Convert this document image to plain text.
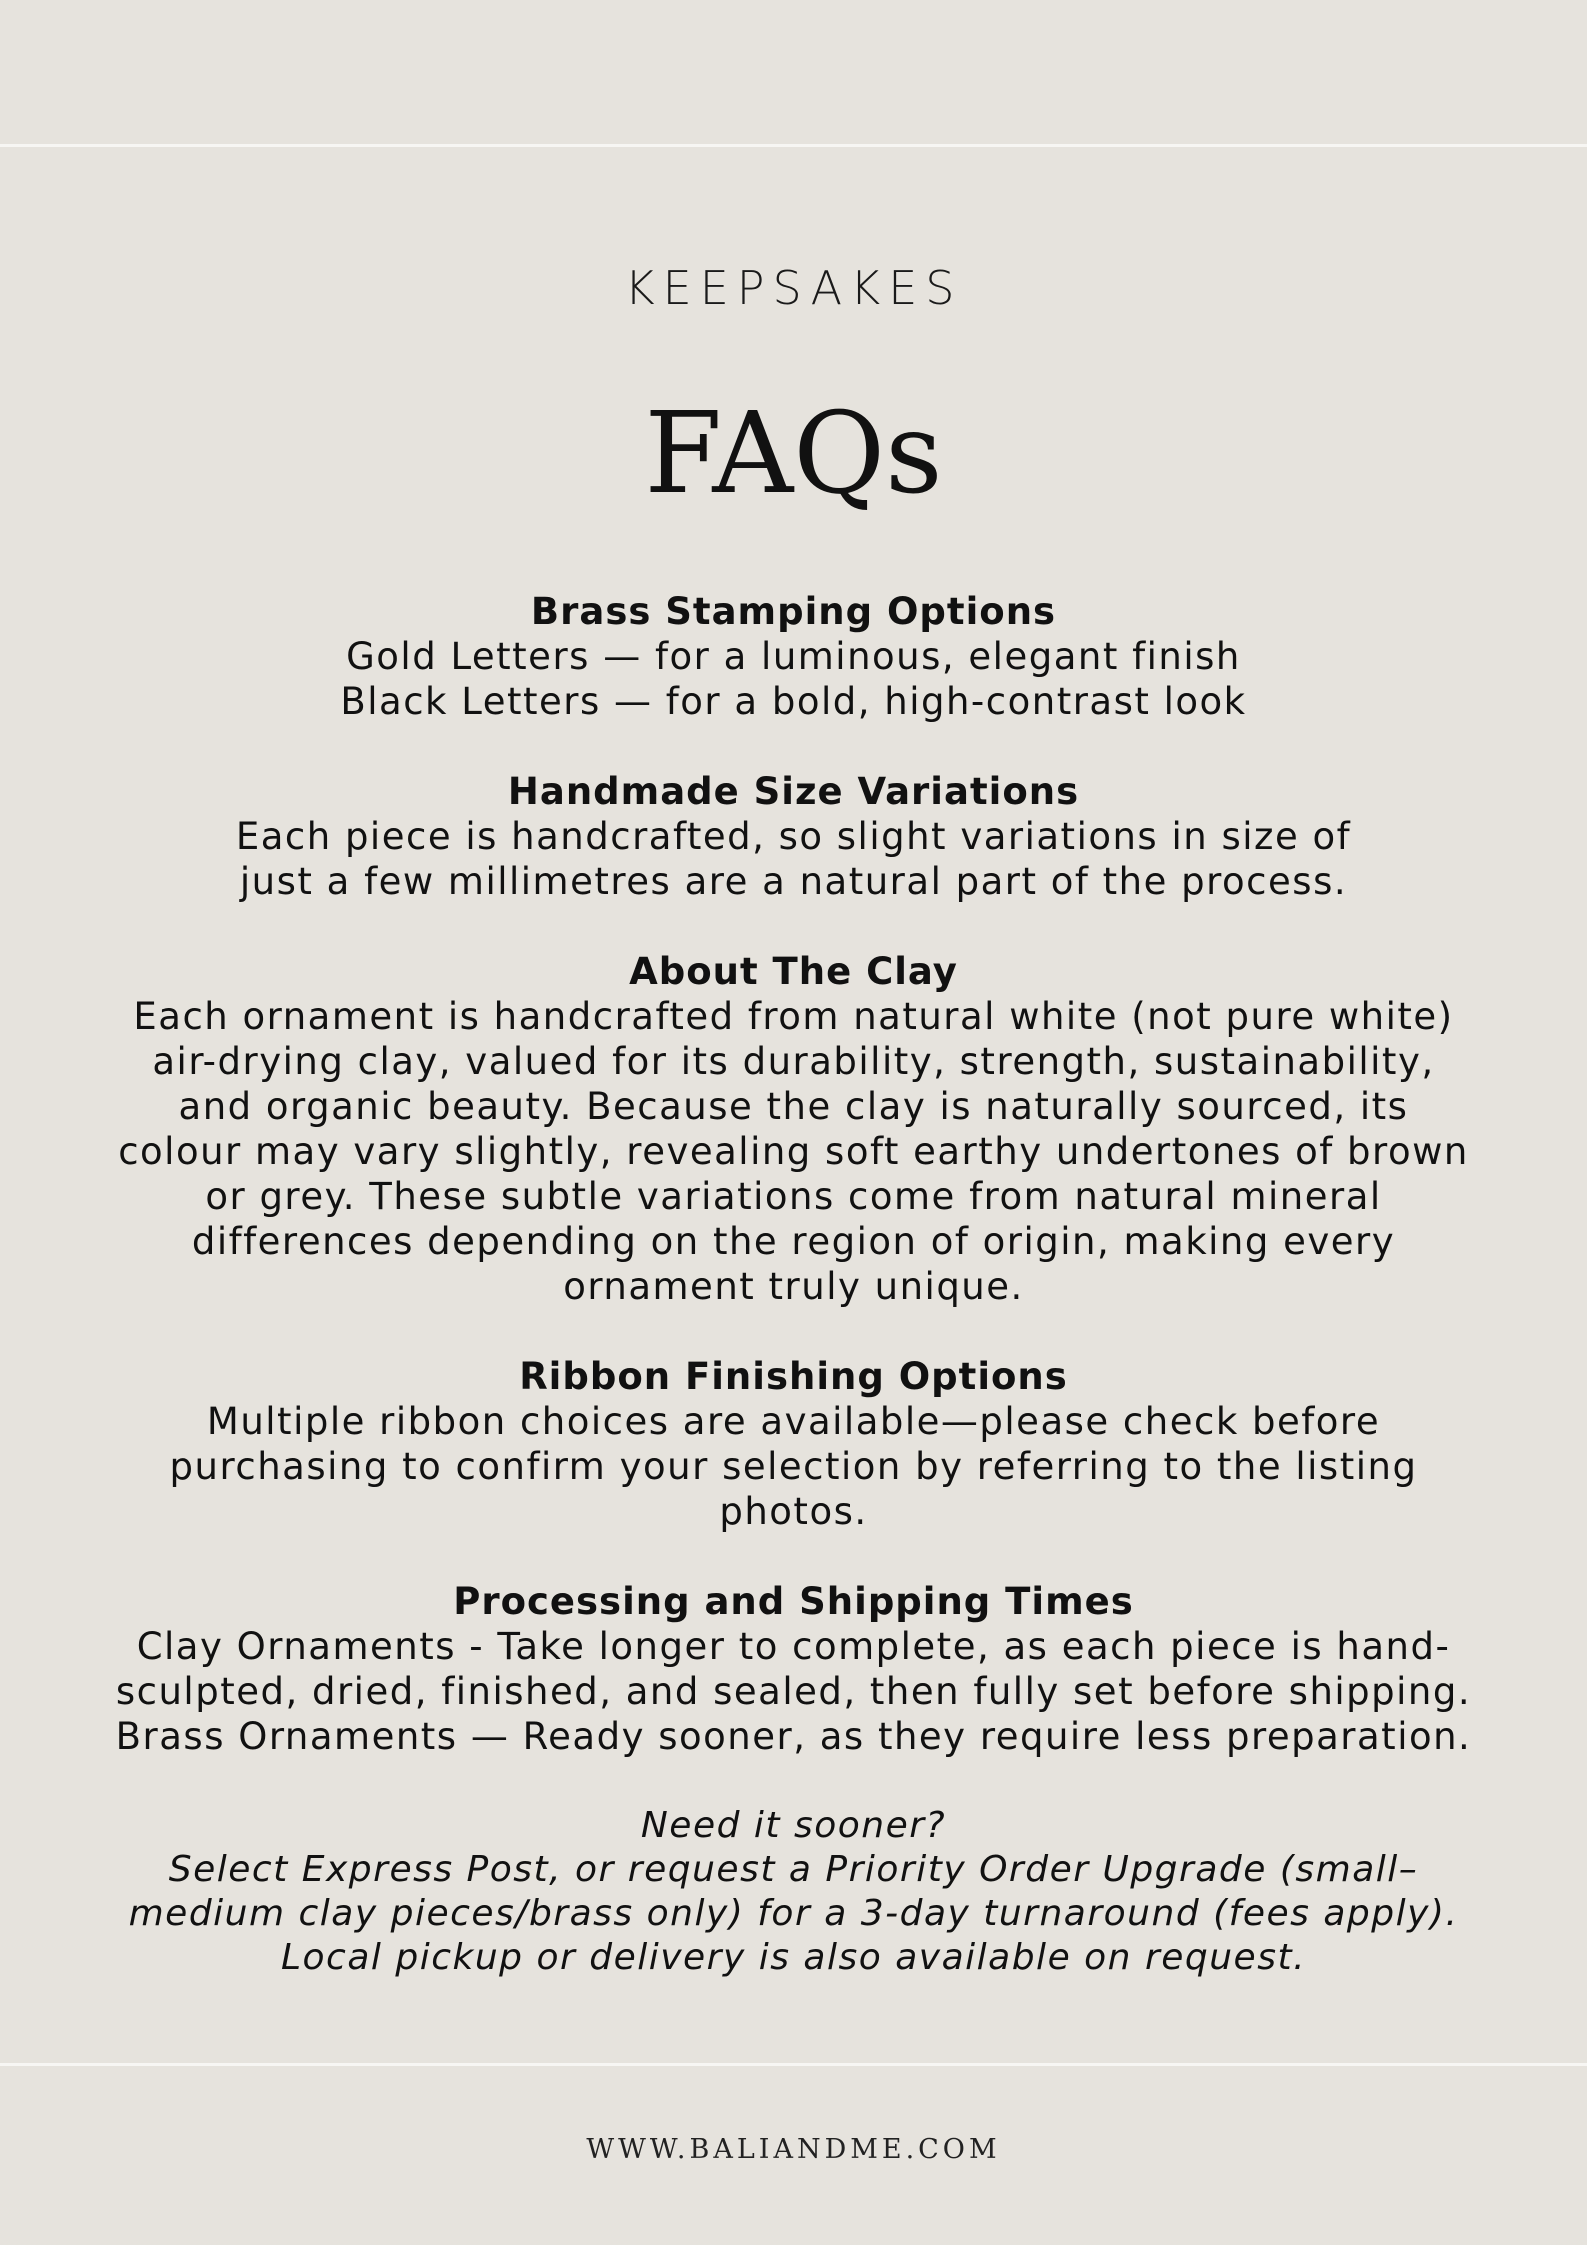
KEEPSAKES
FAQs
Brass Stamping Options

Gold Letters — for a luminous, elegant finish

Black Letters — for a bold, high-contrast look

Handmade Size Variations

Each piece is handcrafted, so slight variations in size of

just a few millimetres are a natural part of the process.

About The Clay

Each ornament is handcrafted from natural white (not pure white)

air-drying clay, valued for its durability, strength, sustainability,

and organic beauty. Because the clay is naturally sourced, its

colour may vary slightly, revealing soft earthy undertones of brown

or grey. These subtle variations come from natural mineral

differences depending on the region of origin, making every

ornament truly unique.

Ribbon Finishing Options

Multiple ribbon choices are available—please check before

purchasing to confirm your selection by referring to the listing

photos.

Processing and Shipping Times

Clay Ornaments - Take longer to complete, as each piece is hand-

sculpted, dried, finished, and sealed, then fully set before shipping.

Brass Ornaments — Ready sooner, as they require less preparation.

Need it sooner?

Select Express Post, or request a Priority Order Upgrade (small–

medium clay pieces/brass only) for a 3-day turnaround (fees apply).

Local pickup or delivery is also available on request.

WWW.BALIANDME.COM
